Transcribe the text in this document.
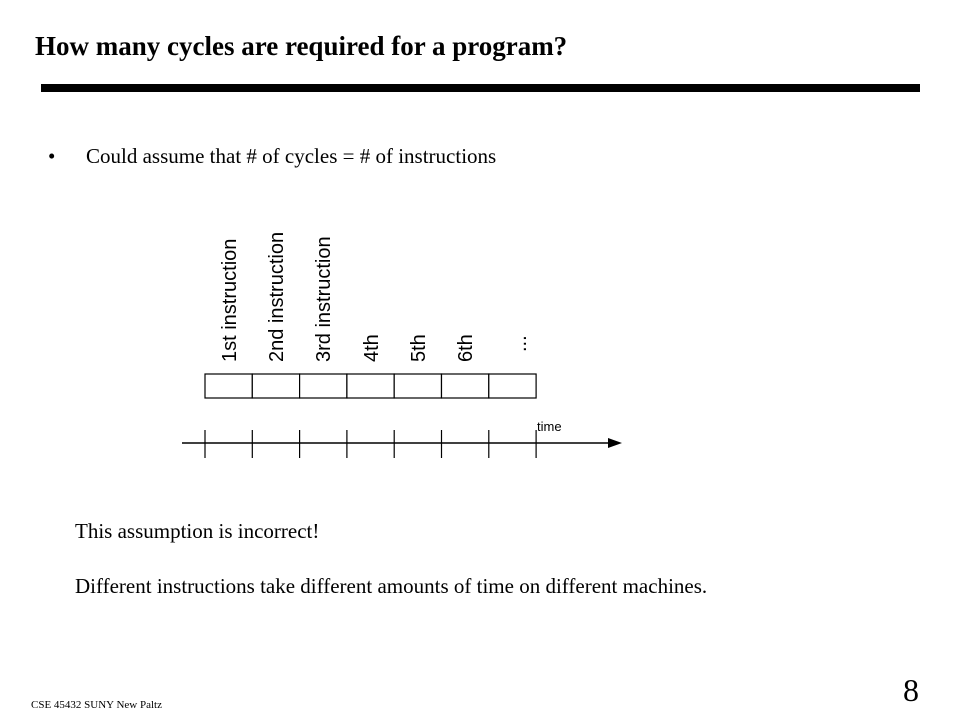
How many cycles are required for a program?
• Could assume that # of cycles = # of instructions
1st instruction 2nd instruction 3rd instruction 4th 5th 6th ...
time
This assumption is incorrect!
Different instructions take different amounts of time on different machines.
8
CSE 45432 SUNY New Paltz
